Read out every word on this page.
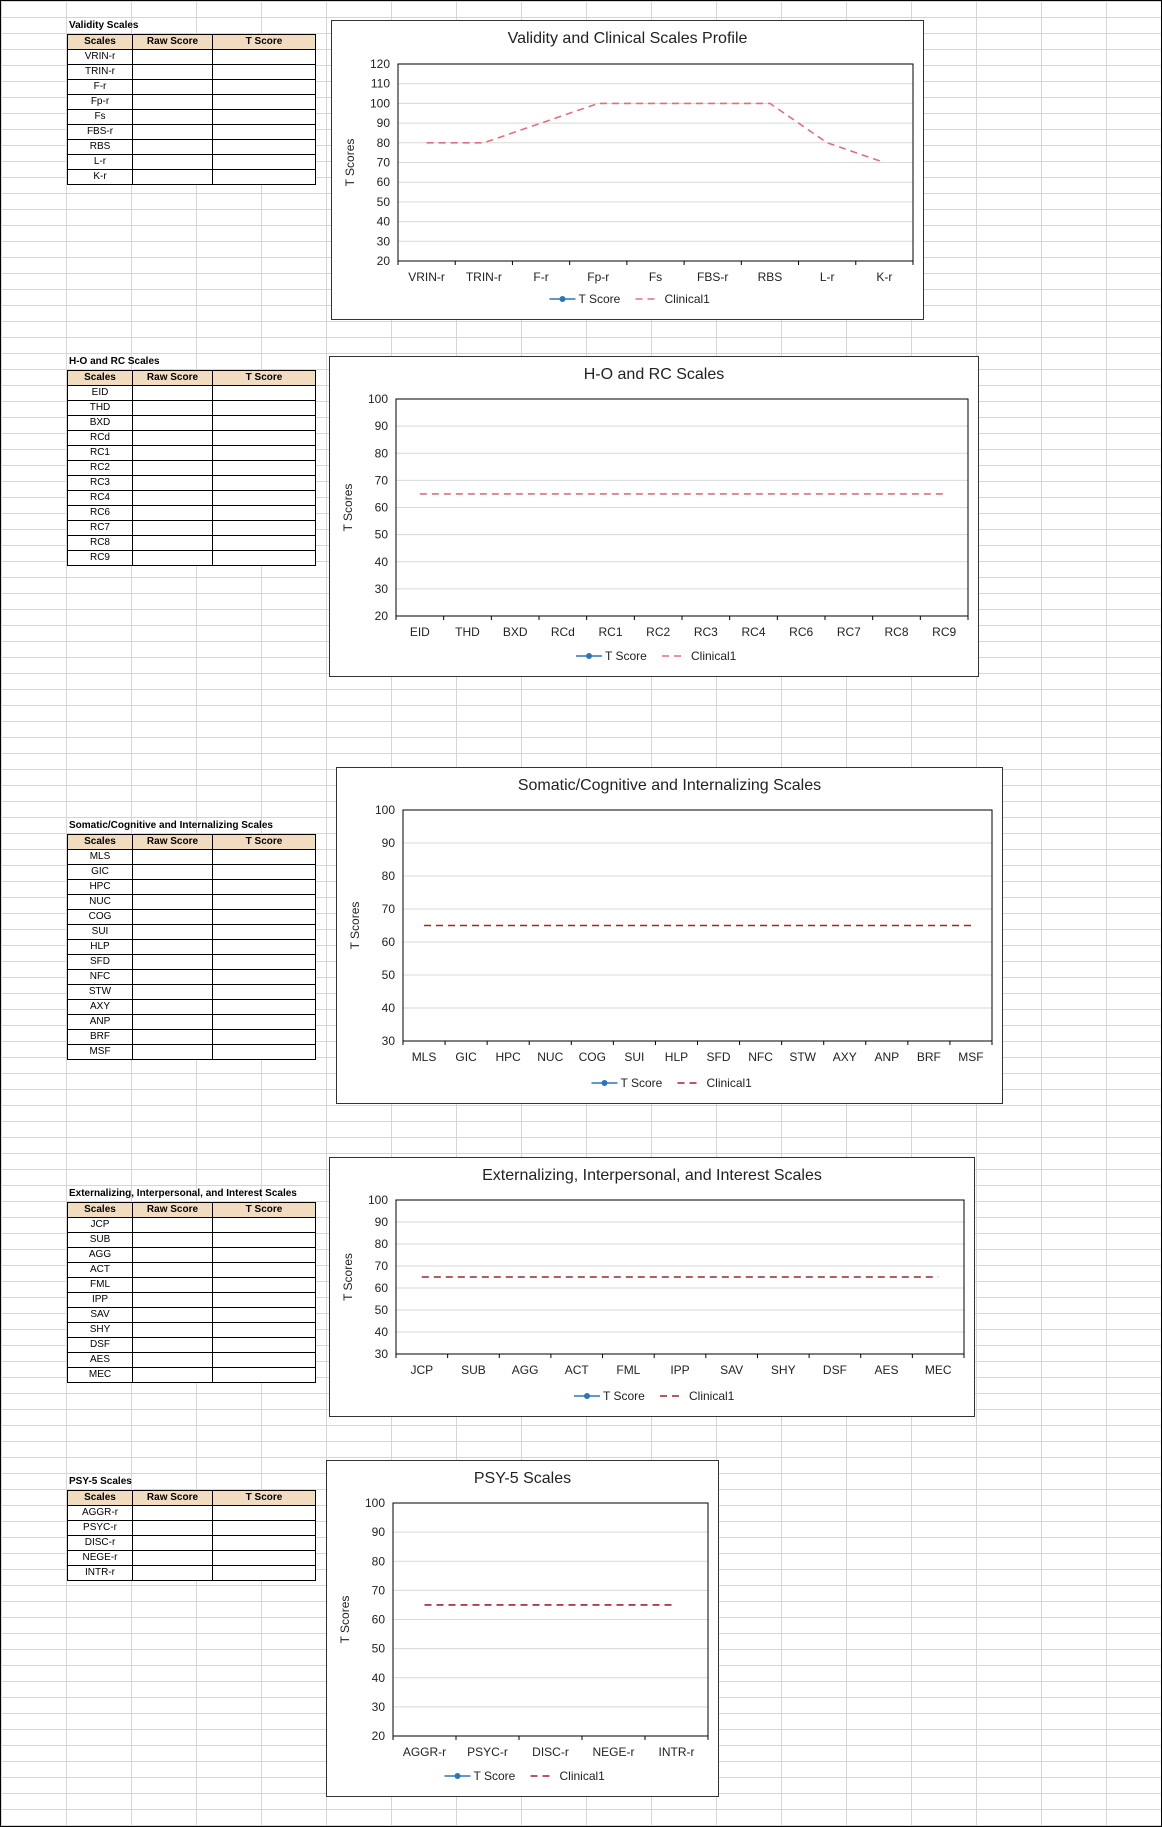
Validity Scales
Scales	Raw Score	T Score
VRIN-r		
TRIN-r		
F-r		
Fp-r		
Fs		
FBS-r		
RBS		
L-r		
K-r		
Validity and Clinical Scales Profile
20
30
40
50
60
70
80
90
100
110
120
VRIN-r TRIN-r	F-r	Fp-r	Fs	FBS-r RBS	L-r	K-r
T Scores
T Score	Clinical1
H-O and RC Scales
Scales	Raw Score	T Score
EID		
THD		
BXD		
RCd		
RC1		
RC2		
RC3		
RC4		
RC6		
RC7		
RC8		
RC9		
H-O and RC Scales
20
30
40
50
60
70
80
90
100
EID THD BXD RCd RC1 RC2 RC3 RC4 RC6 RC7 RC8 RC9
T Scores
T Score	Clinical1
Somatic/Cognitive and Internalizing Scales
30
40
50
60
70
80
90
100
MLS GIC HPC NUC COG SUI HLP SFD NFC STW AXY ANP BRF MSF
T Scores
T Score	Clinical1
Somatic/Cognitive and Internalizing Scales
Scales	Raw Score	T Score
MLS		
GIC		
HPC		
NUC		
COG		
SUI		
HLP		
SFD		
NFC		
STW		
AXY		
ANP		
BRF		
MSF		
Externalizing, Interpersonal, and Interest Scales
30
40
50
60
70
80
90
100
JCP SUB AGG ACT FML IPP	SAV SHY DSF AES MEC
T Scores
T Score	Clinical1
Externalizing, Interpersonal, and Interest Scales
Scales	Raw Score	T Score
JCP		
SUB		
AGG		
ACT		
FML		
IPP		
SAV		
SHY		
DSF		
AES		
MEC		
PSY-5 Scales
20
30
40
50
60
70
80
90
100
AGGR-r PSYC-r DISC-r NEGE-r INTR-r
T Scores
T Score	Clinical1
PSY-5 Scales
Scales	Raw Score	T Score
AGGR-r		
PSYC-r		
DISC-r		
NEGE-r		
INTR-r		
